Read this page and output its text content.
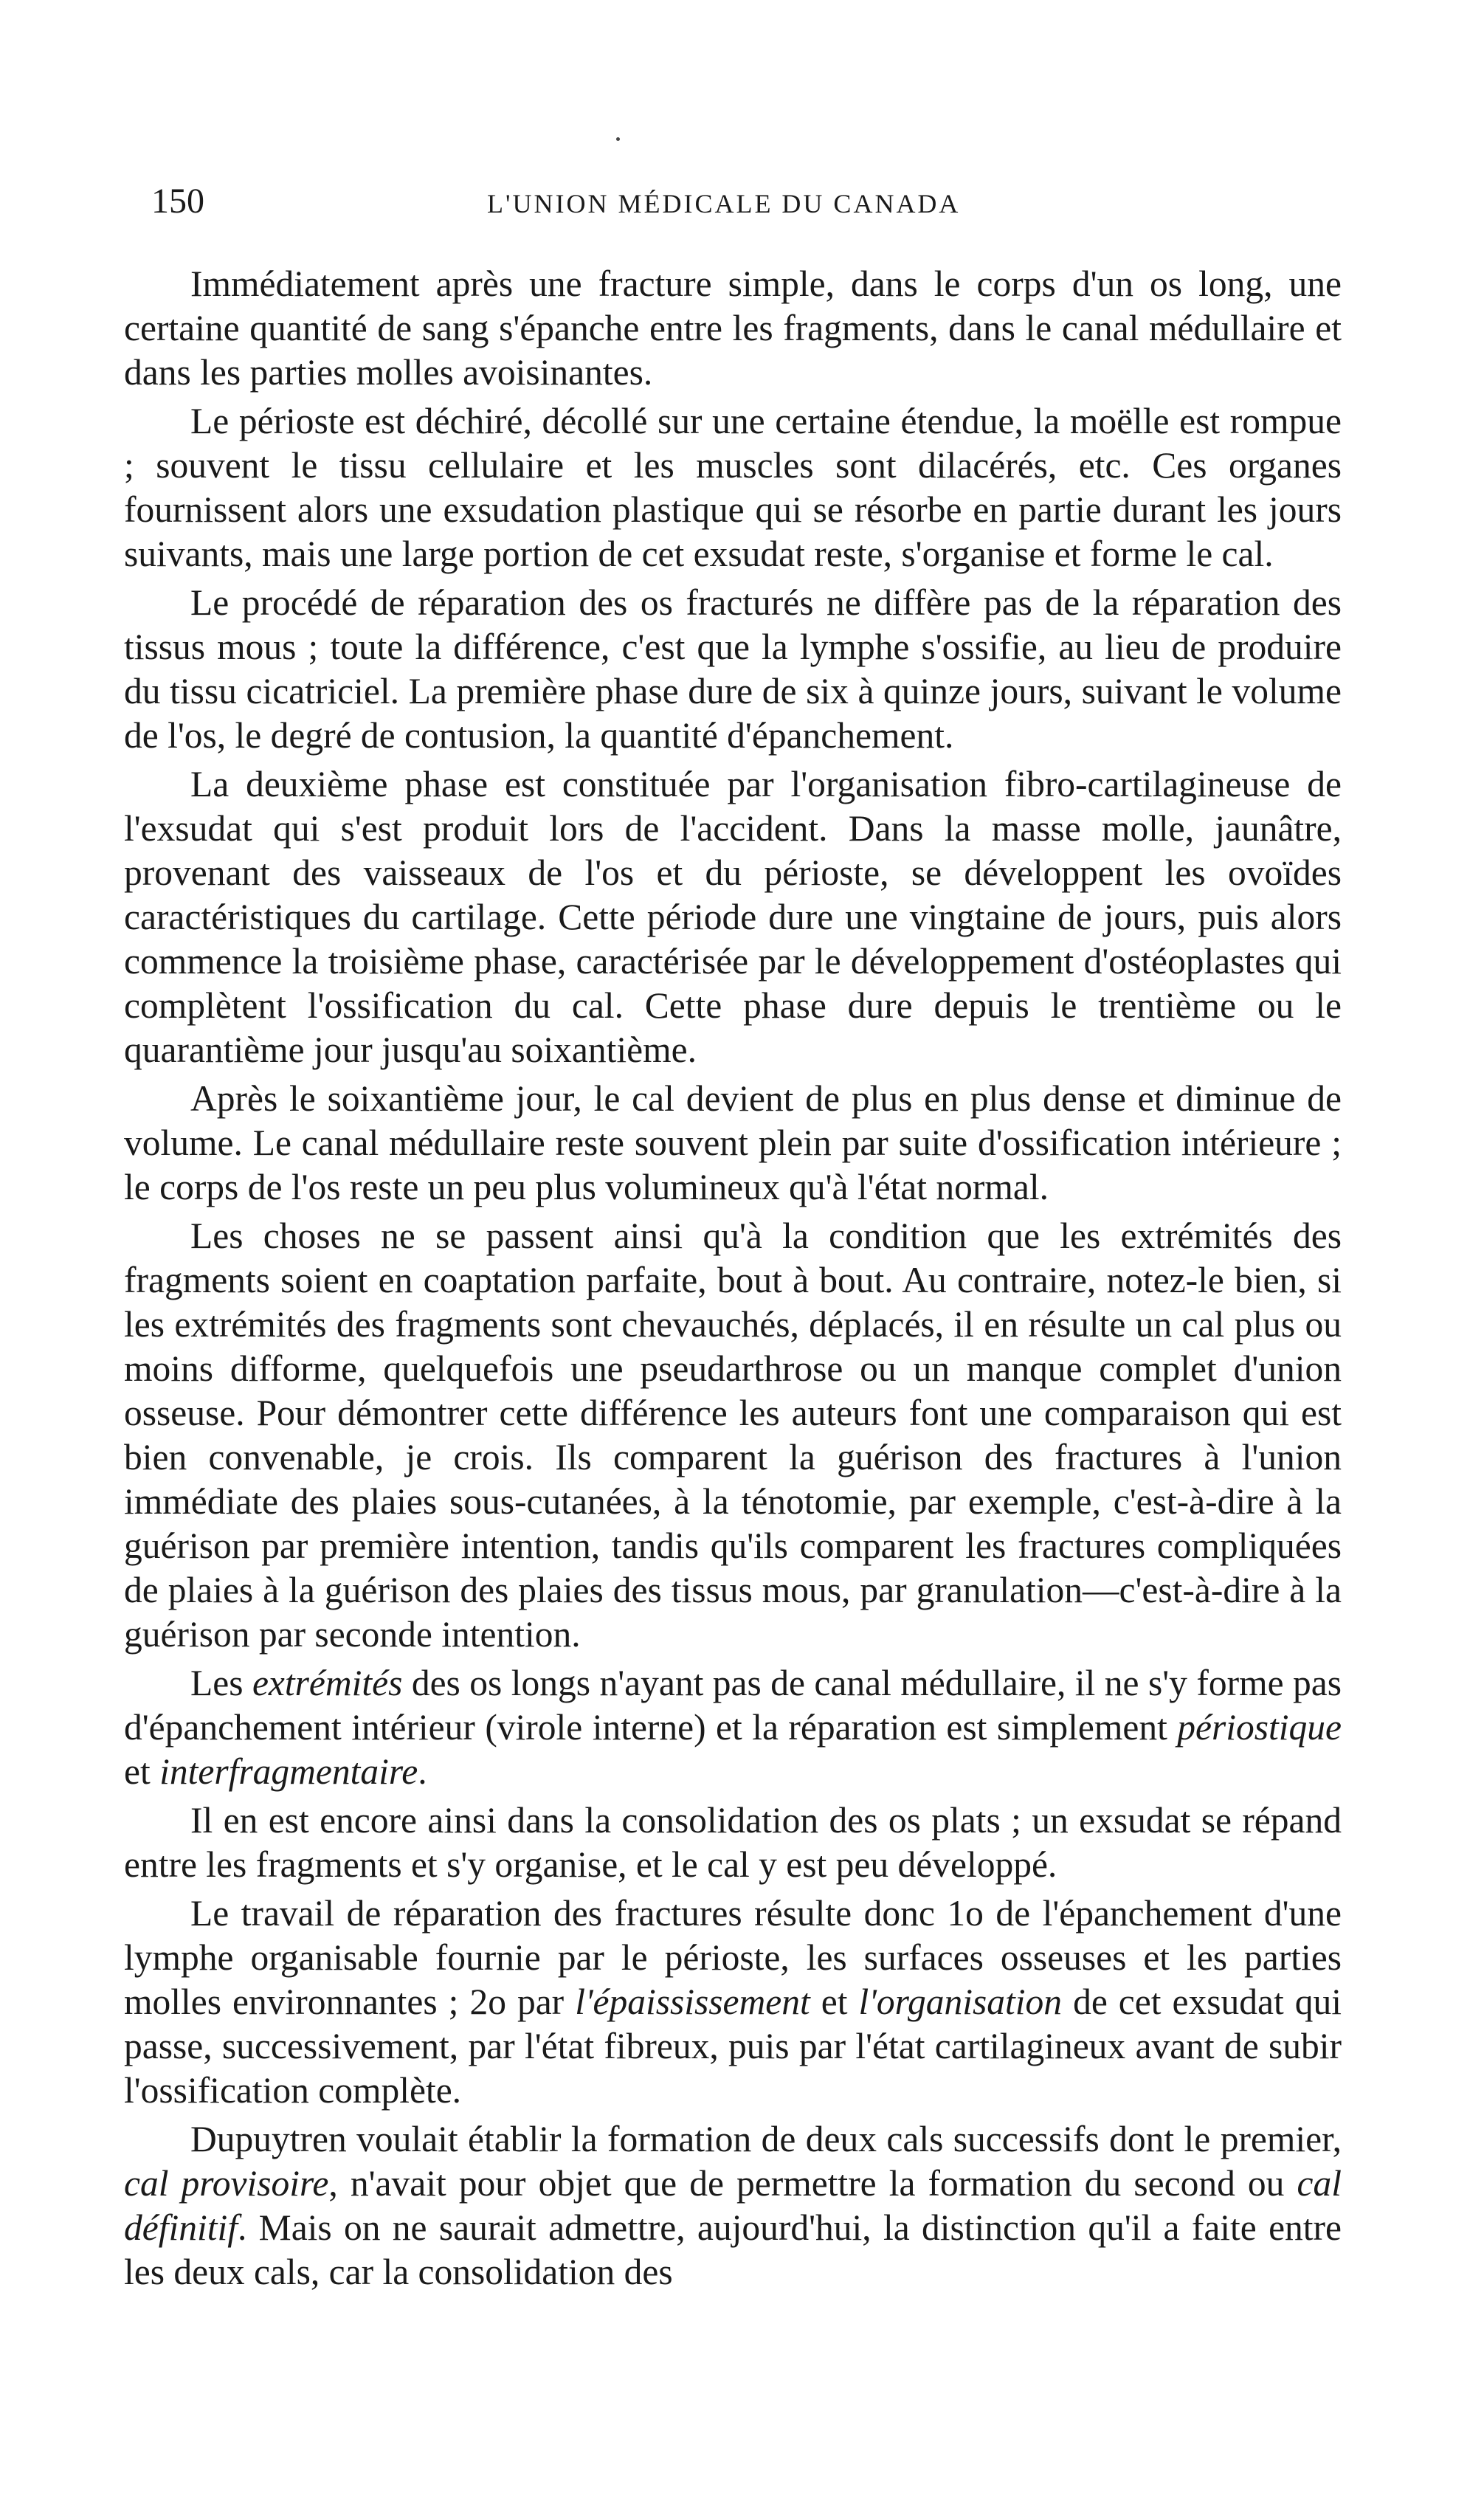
150	L'UNION MÉDICALE DU CANADA

Immédiatement après une fracture simple, dans le corps d'un os long, une certaine quantité de sang s'épanche entre les fragments, dans le canal médullaire et dans les parties molles avoisinantes.

Le périoste est déchiré, décollé sur une certaine étendue, la moëlle est rompue ; souvent le tissu cellulaire et les muscles sont dilacérés, etc. Ces organes fournissent alors une exsudation plastique qui se résorbe en partie durant les jours suivants, mais une large portion de cet exsudat reste, s'organise et forme le cal.

Le procédé de réparation des os fracturés ne diffère pas de la réparation des tissus mous ; toute la différence, c'est que la lymphe s'ossifie, au lieu de produire du tissu cicatriciel. La première phase dure de six à quinze jours, suivant le volume de l'os, le degré de contusion, la quantité d'épanchement.

La deuxième phase est constituée par l'organisation fibro-cartilagineuse de l'exsudat qui s'est produit lors de l'accident. Dans la masse molle, jaunâtre, provenant des vaisseaux de l'os et du périoste, se développent les ovoïdes caractéristiques du cartilage. Cette période dure une vingtaine de jours, puis alors commence la troisième phase, caractérisée par le développement d'ostéoplastes qui complètent l'ossification du cal. Cette phase dure depuis le trentième ou le quarantième jour jusqu'au soixantième.

Après le soixantième jour, le cal devient de plus en plus dense et diminue de volume. Le canal médullaire reste souvent plein par suite d'ossification intérieure ; le corps de l'os reste un peu plus volumineux qu'à l'état normal.

Les choses ne se passent ainsi qu'à la condition que les extrémités des fragments soient en coaptation parfaite, bout à bout. Au contraire, notez-le bien, si les extrémités des fragments sont chevauchés, déplacés, il en résulte un cal plus ou moins difforme, quelquefois une pseudarthrose ou un manque complet d'union osseuse. Pour démontrer cette différence les auteurs font une comparaison qui est bien convenable, je crois. Ils comparent la guérison des fractures à l'union immédiate des plaies sous-cutanées, à la ténotomie, par exemple, c'est-à-dire à la guérison par première intention, tandis qu'ils comparent les fractures compliquées de plaies à la guérison des plaies des tissus mous, par granulation—c'est-à-dire à la guérison par seconde intention.

Les extrémités des os longs n'ayant pas de canal médullaire, il ne s'y forme pas d'épanchement intérieur (virole interne) et la réparation est simplement périostique et interfragmentaire.

Il en est encore ainsi dans la consolidation des os plats ; un exsudat se répand entre les fragments et s'y organise, et le cal y est peu développé.

Le travail de réparation des fractures résulte donc 1o de l'épanchement d'une lymphe organisable fournie par le périoste, les surfaces osseuses et les parties molles environnantes ; 2o par l'épaississement et l'organisation de cet exsudat qui passe, successivement, par l'état fibreux, puis par l'état cartilagineux avant de subir l'ossification complète.

Dupuytren voulait établir la formation de deux cals successifs dont le premier, cal provisoire, n'avait pour objet que de permettre la formation du second ou cal définitif. Mais on ne saurait admettre, aujourd'hui, la distinction qu'il a faite entre les deux cals, car la consolidation des
